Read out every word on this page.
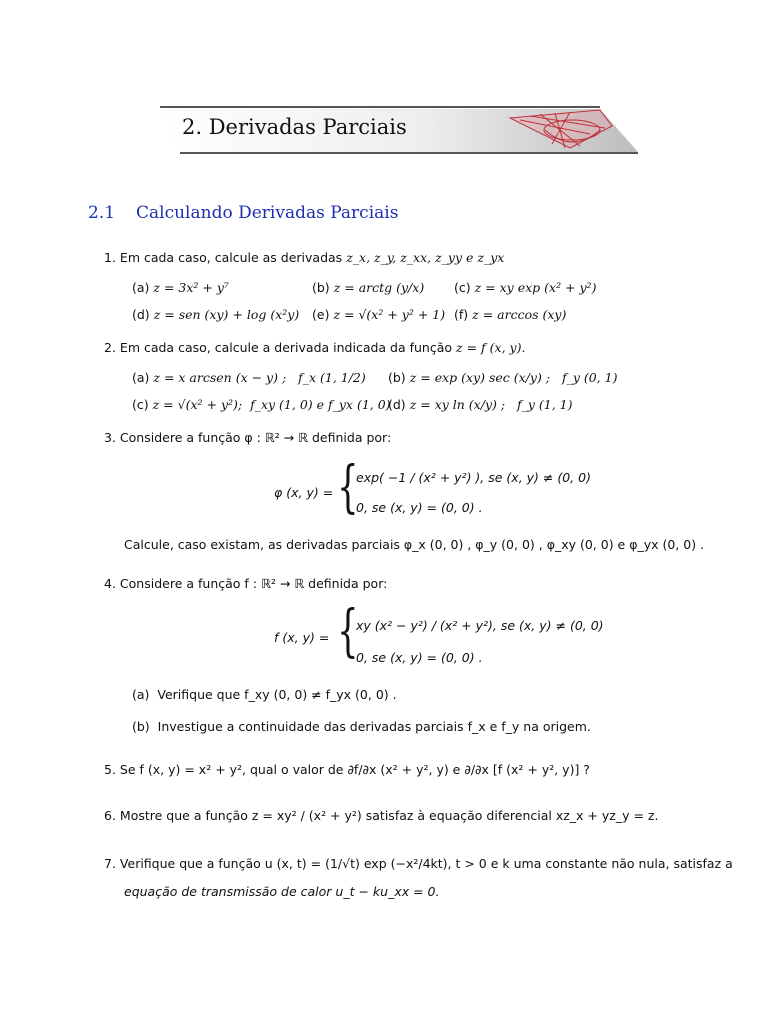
2. Derivadas Parciais
2.1 Calculando Derivadas Parciais
1. Em cada caso, calcule as derivadas z_x, z_y, z_xx, z_yy e z_yx
(a) z = 3x² + y⁷	(b) z = arctg (y/x) (c) z = xy exp (x² + y²)
(d) z = sen (xy) + log (x²y) (e) z = √(x² + y² + 1) (f) z = arccos (xy)
2. Em cada caso, calcule a derivada indicada da função z = f (x, y).
(a) z = x arcsen (x − y) ; f_x (1, 1/2) (b) z = exp (xy) sec (x/y) ; f_y (0, 1)
(c) z = √(x² + y²); f_xy (1, 0) e f_yx (1, 0)
(d) z = xy ln (x/y) ; f_y (1, 1)
3. Considere a função φ : ℝ² → ℝ definida por:
φ (x, y) = {
exp( −1 / (x² + y²) ), se (x, y) ≠ (0, 0)
0, se (x, y) = (0, 0) .
Calcule, caso existam, as derivadas parciais φ_x (0, 0) , φ_y (0, 0) , φ_xy (0, 0) e φ_yx (0, 0) .
4. Considere a função f : ℝ² → ℝ definida por:
f (x, y) = {
xy (x² − y²) / (x² + y²), se (x, y) ≠ (0, 0)
0, se (x, y) = (0, 0) .
(a) Verifique que f_xy (0, 0) ≠ f_yx (0, 0) .
(b) Investigue a continuidade das derivadas parciais f_x e f_y na origem.
5. Se f (x, y) = x² + y², qual o valor de ∂f/∂x (x² + y², y) e ∂/∂x [f (x² + y², y)] ?
6. Mostre que a função z = xy² / (x² + y²) satisfaz à equação diferencial xz_x + yz_y = z.
7. Verifique que a função u (x, t) = (1/√t) exp (−x²/4kt), t > 0 e k uma constante não nula, satisfaz a
equação de transmissão de calor u_t − ku_xx = 0.
